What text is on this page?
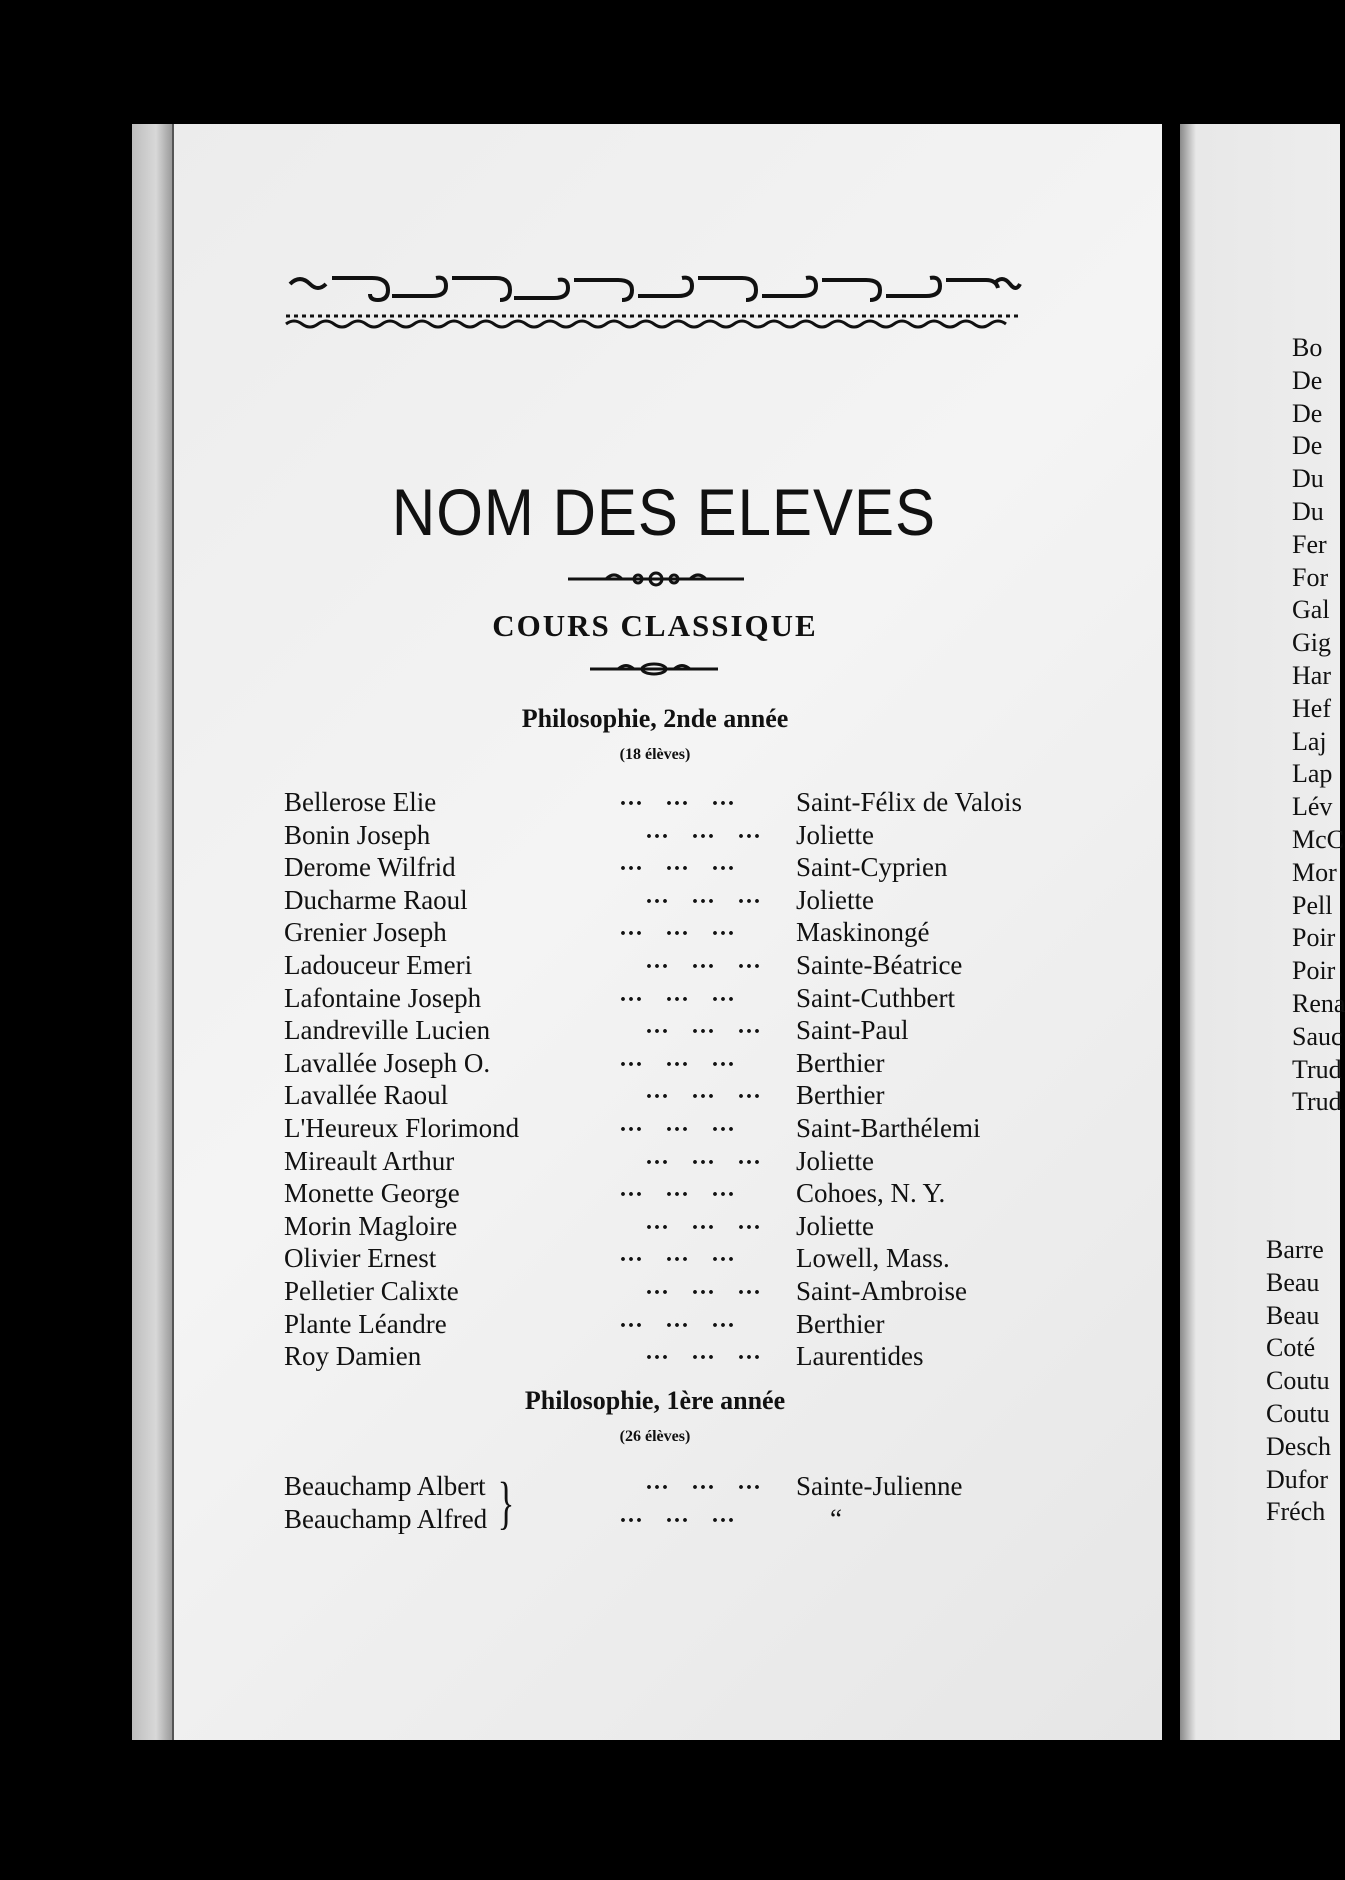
NOM DES ELEVES
COURS CLASSIQUE
Philosophie, 2nde année
(18 élèves)
Bellerose Elie	... ... ... Saint-Félix de Valois
Bonin Joseph	... ... ... Joliette
Derome Wilfrid	... ... ... Saint-Cyprien
Ducharme Raoul	... ... ... Joliette
Grenier Joseph	... ... ... Maskinongé
Ladouceur Emeri	... ... ... Sainte-Béatrice
Lafontaine Joseph	... ... ... Saint-Cuthbert
Landreville Lucien	... ... ... Saint-Paul
Lavallée Joseph O.	... ... ... Berthier
Lavallée Raoul	... ... ... Berthier
L'Heureux Florimond	... ... ... Saint-Barthélemi
Mireault Arthur	... ... ... Joliette
Monette George	... ... ... Cohoes, N. Y.
Morin Magloire	... ... ... Joliette
Olivier Ernest	... ... ... Lowell, Mass.
Pelletier Calixte	... ... ... Saint-Ambroise
Plante Léandre	... ... ... Berthier
Roy Damien	... ... ... Laurentides
Philosophie, 1ère année
(26 élèves)
}
Beauchamp Albert	... ... ... Sainte-Julienne
Beauchamp Alfred	... ... ...	“
Bo
De
De
De
Du
Du
Fer
For
Gal
Gig
Har
Hef
Laj
Lap
Lév
McC
Mor
Pell
Poir
Poir
Rena
Sauc
Trud
Trud
Barre
Beau
Beau
Coté
Coutu
Coutu
Desch
Dufor
Fréch
